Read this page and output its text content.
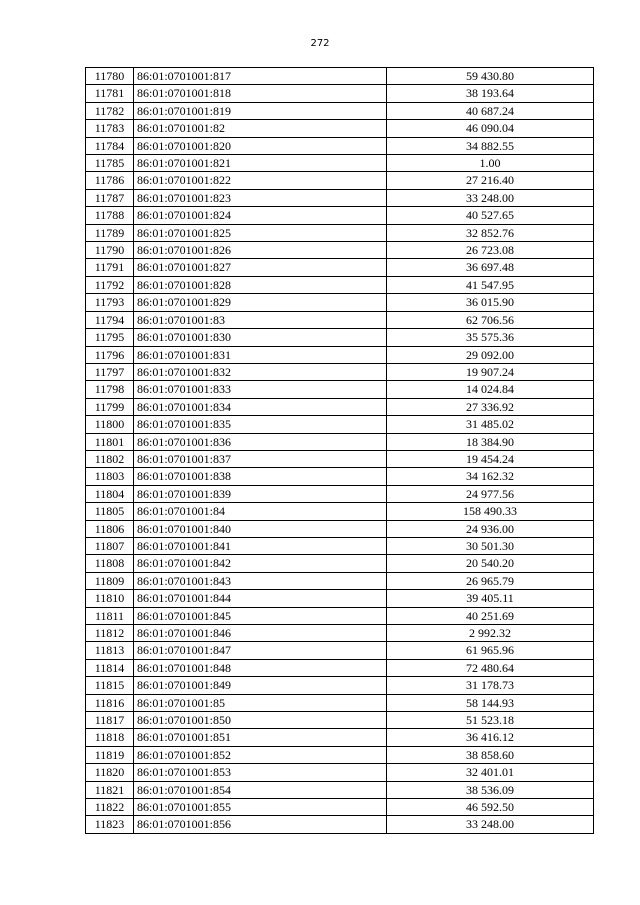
272
11780	86:01:0701001:817	59 430.80
11781	86:01:0701001:818	38 193.64
11782	86:01:0701001:819	40 687.24
11783	86:01:0701001:82	46 090.04
11784	86:01:0701001:820	34 882.55
11785	86:01:0701001:821	1.00
11786	86:01:0701001:822	27 216.40
11787	86:01:0701001:823	33 248.00
11788	86:01:0701001:824	40 527.65
11789	86:01:0701001:825	32 852.76
11790	86:01:0701001:826	26 723.08
11791	86:01:0701001:827	36 697.48
11792	86:01:0701001:828	41 547.95
11793	86:01:0701001:829	36 015.90
11794	86:01:0701001:83	62 706.56
11795	86:01:0701001:830	35 575.36
11796	86:01:0701001:831	29 092.00
11797	86:01:0701001:832	19 907.24
11798	86:01:0701001:833	14 024.84
11799	86:01:0701001:834	27 336.92
11800	86:01:0701001:835	31 485.02
11801	86:01:0701001:836	18 384.90
11802	86:01:0701001:837	19 454.24
11803	86:01:0701001:838	34 162.32
11804	86:01:0701001:839	24 977.56
11805	86:01:0701001:84	158 490.33
11806	86:01:0701001:840	24 936.00
11807	86:01:0701001:841	30 501.30
11808	86:01:0701001:842	20 540.20
11809	86:01:0701001:843	26 965.79
11810	86:01:0701001:844	39 405.11
11811	86:01:0701001:845	40 251.69
11812	86:01:0701001:846	2 992.32
11813	86:01:0701001:847	61 965.96
11814	86:01:0701001:848	72 480.64
11815	86:01:0701001:849	31 178.73
11816	86:01:0701001:85	58 144.93
11817	86:01:0701001:850	51 523.18
11818	86:01:0701001:851	36 416.12
11819	86:01:0701001:852	38 858.60
11820	86:01:0701001:853	32 401.01
11821	86:01:0701001:854	38 536.09
11822	86:01:0701001:855	46 592.50
11823	86:01:0701001:856	33 248.00
